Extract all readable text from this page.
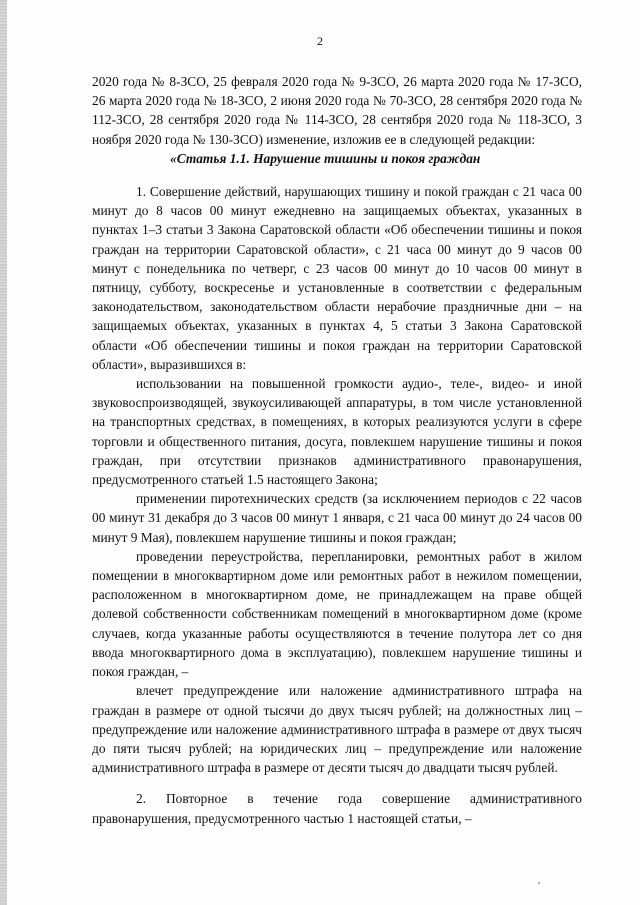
2

2020 года № 8-ЗСО, 25 февраля 2020 года № 9-ЗСО, 26 марта 2020 года № 17-ЗСО, 26 марта 2020 года № 18-ЗСО, 2 июня 2020 года № 70-ЗСО, 28 сентября 2020 года № 112-ЗСО, 28 сентября 2020 года № 114-ЗСО, 28 сентября 2020 года № 118-ЗСО, 3 ноября 2020 года № 130-ЗСО) изменение, изложив ее в следующей редакции:

«Статья 1.1. Нарушение тишины и покоя граждан

1. Совершение действий, нарушающих тишину и покой граждан с 21 часа 00 минут до 8 часов 00 минут ежедневно на защищаемых объектах, указанных в пунктах 1–3 статьи 3 Закона Саратовской области «Об обеспечении тишины и покоя граждан на территории Саратовской области», с 21 часа 00 минут до 9 часов 00 минут с понедельника по четверг, с 23 часов 00 минут до 10 часов 00 минут в пятницу, субботу, воскресенье и установленные в соответствии с федеральным законодательством, законодательством области нерабочие праздничные дни – на защищаемых объектах, указанных в пунктах 4, 5 статьи 3 Закона Саратовской области «Об обеспечении тишины и покоя граждан на территории Саратовской области», выразившихся в:

использовании на повышенной громкости аудио-, теле-, видео- и иной звуковоспроизводящей, звукоусиливающей аппаратуры, в том числе установленной на транспортных средствах, в помещениях, в которых реализуются услуги в сфере торговли и общественного питания, досуга, повлекшем нарушение тишины и покоя граждан, при отсутствии признаков административного правонарушения, предусмотренного статьей 1.5 настоящего Закона;

применении пиротехнических средств (за исключением периодов с 22 часов 00 минут 31 декабря до 3 часов 00 минут 1 января, с 21 часа 00 минут до 24 часов 00 минут 9 Мая), повлекшем нарушение тишины и покоя граждан;

проведении переустройства, перепланировки, ремонтных работ в жилом помещении в многоквартирном доме или ремонтных работ в нежилом помещении, расположенном в многоквартирном доме, не принадлежащем на праве общей долевой собственности собственникам помещений в многоквартирном доме (кроме случаев, когда указанные работы осуществляются в течение полутора лет со дня ввода многоквартирного дома в эксплуатацию), повлекшем нарушение тишины и покоя граждан, –

влечет предупреждение или наложение административного штрафа на граждан в размере от одной тысячи до двух тысяч рублей; на должностных лиц – предупреждение или наложение административного штрафа в размере от двух тысяч до пяти тысяч рублей; на юридических лиц – предупреждение или наложение административного штрафа в размере от десяти тысяч до двадцати тысяч рублей.

2. Повторное в течение года совершение административного правонарушения, предусмотренного частью 1 настоящей статьи, –
